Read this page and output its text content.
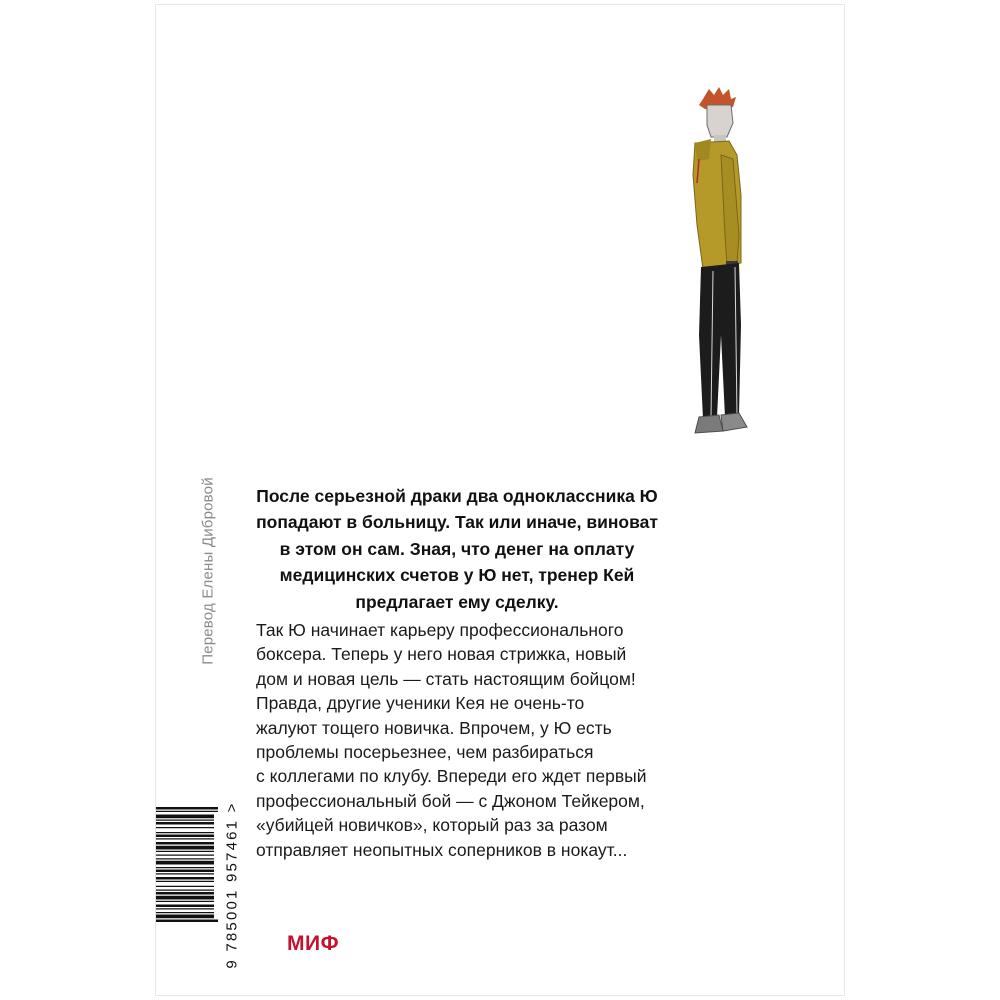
После серьезной драки два одноклассника Ю
попадают в больницу. Так или иначе, виноват
в этом он сам. Зная, что денег на оплату
медицинских счетов у Ю нет, тренер Кей
предлагает ему сделку.
Так Ю начинает карьеру профессионального
боксера. Теперь у него новая стрижка, новый
дом и новая цель — стать настоящим бойцом!
Правда, другие ученики Кея не очень-то
жалуют тощего новичка. Впрочем, у Ю есть
проблемы посерьезнее, чем разбираться
с коллегами по клубу. Впереди его ждет первый
профессиональный бой — с Джоном Тейкером,
«убийцей новичков», который раз за разом
отправляет неопытных соперников в нокаут...
Перевод Елены Дибровой
9 785001 957461 > МИФ
